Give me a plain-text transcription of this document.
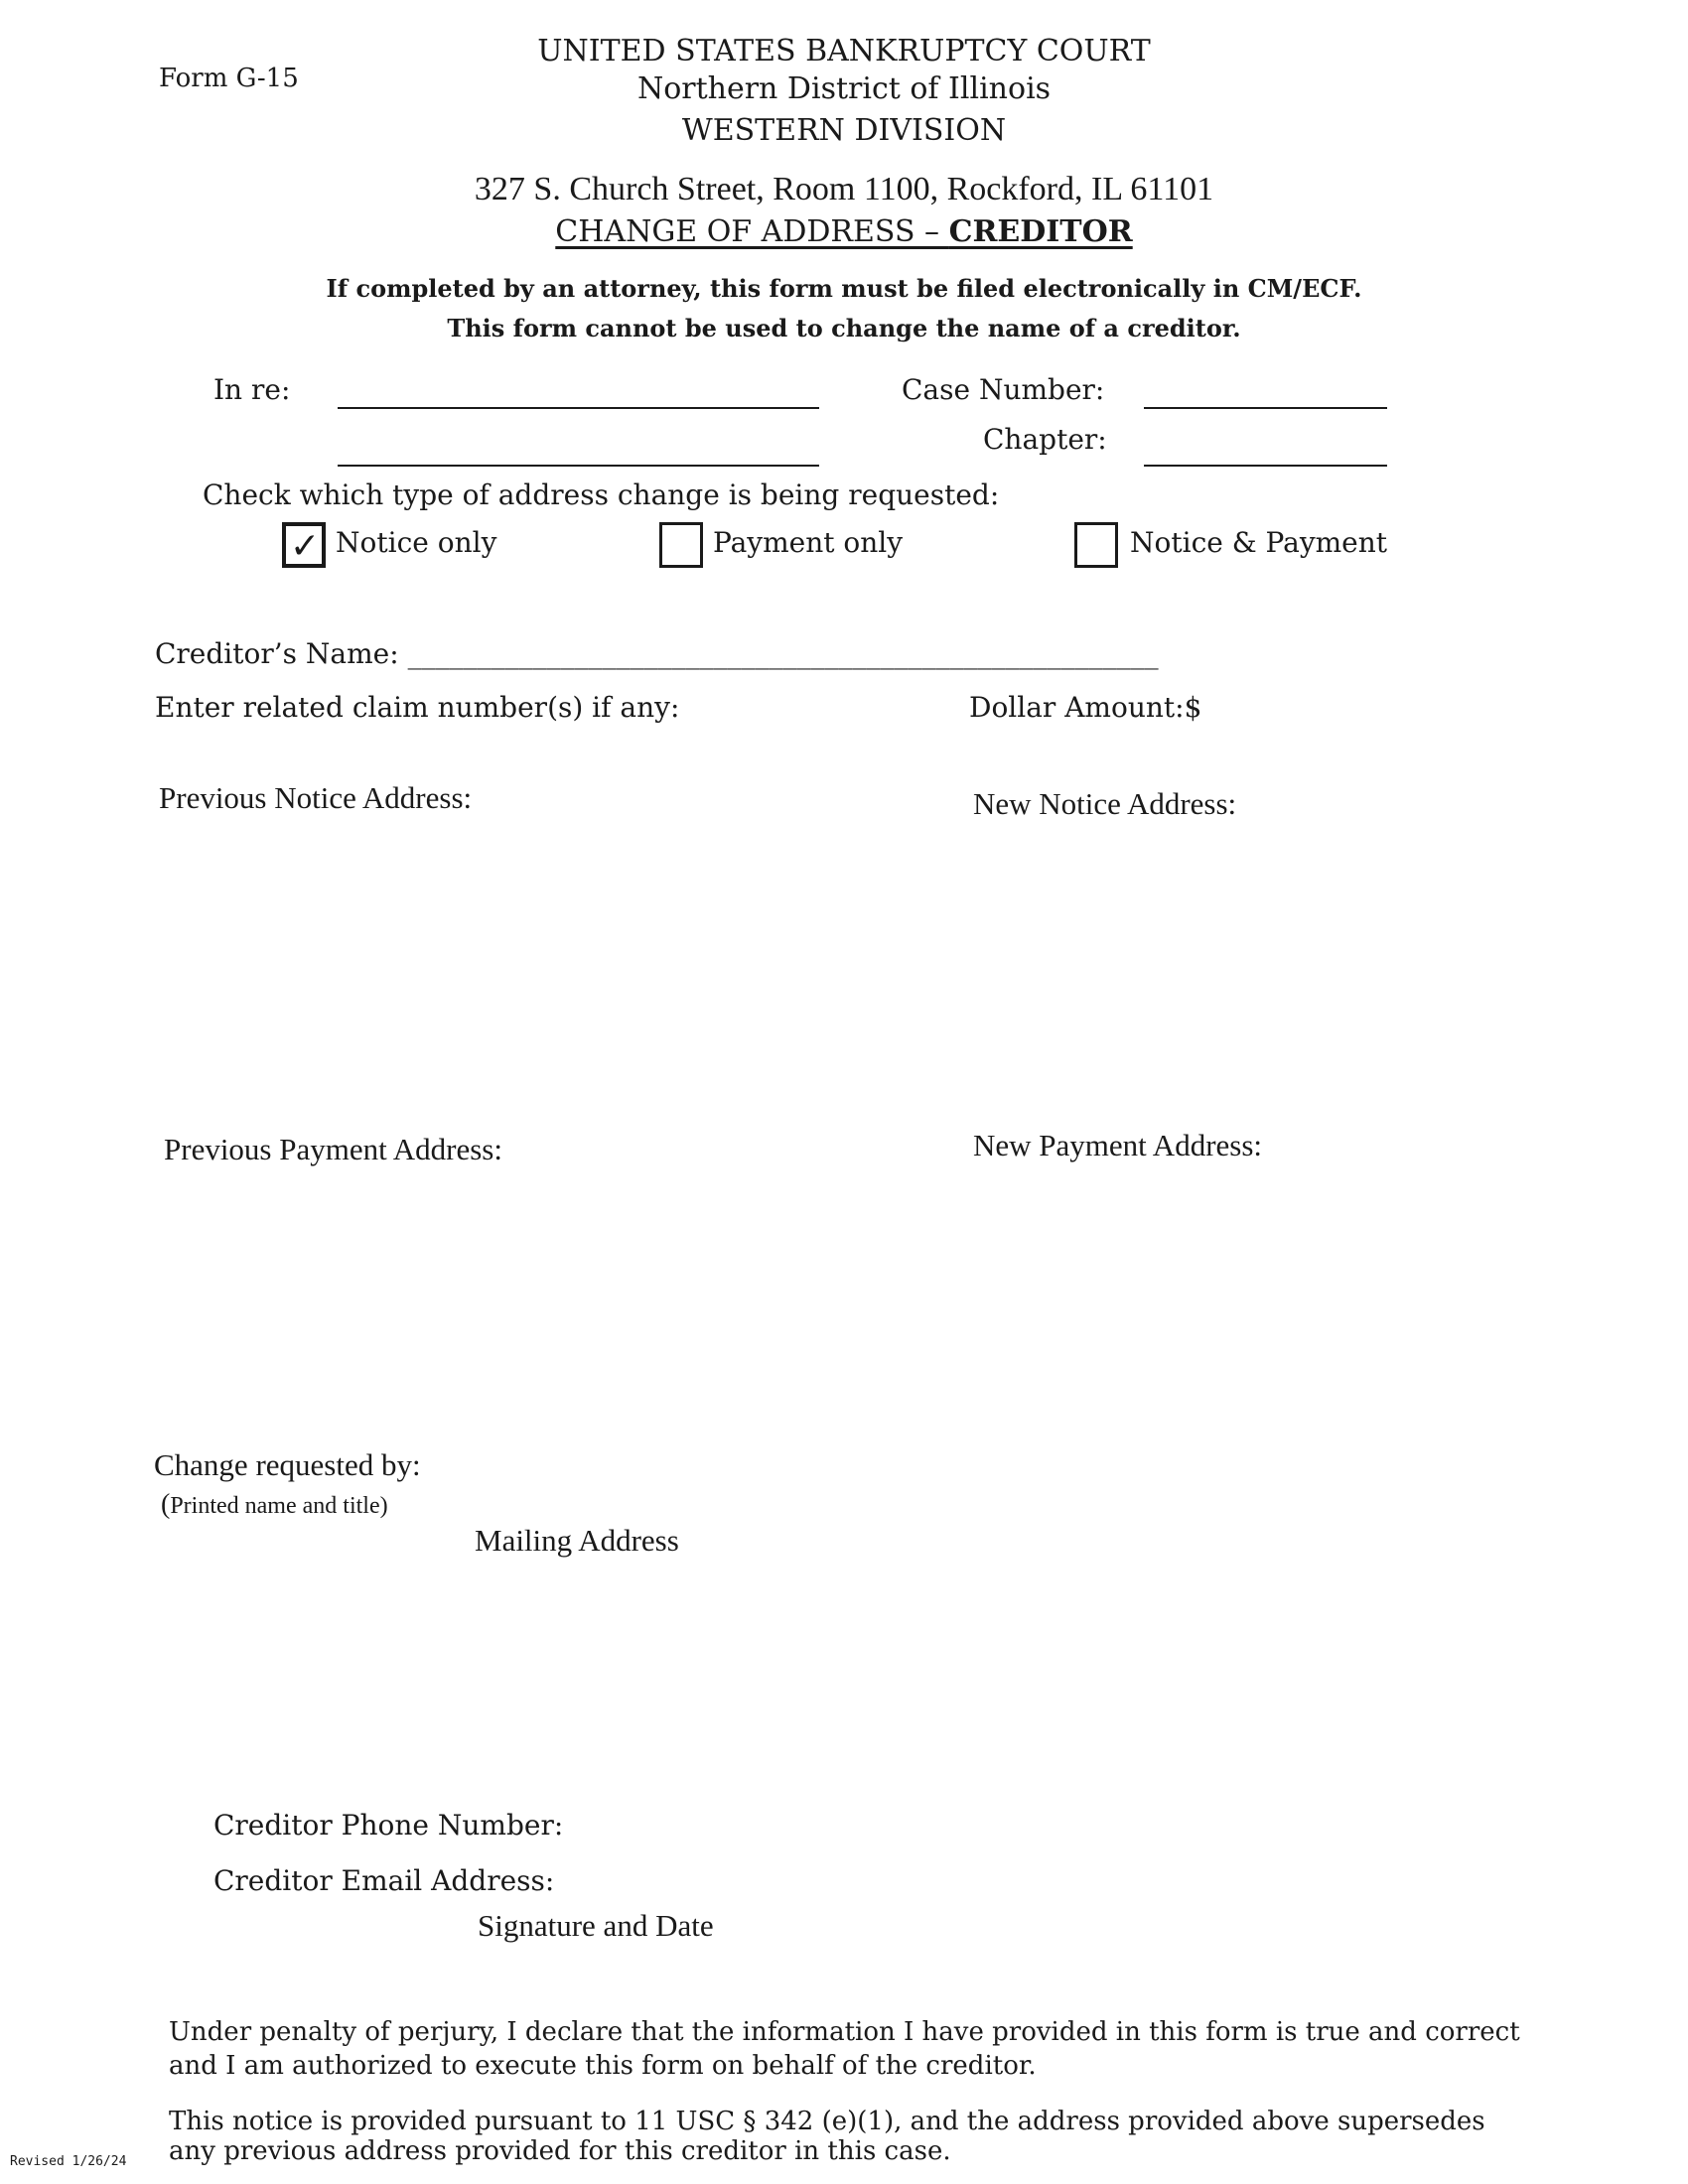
Form G-15
UNITED STATES BANKRUPTCY COURT
Northern District of Illinois
WESTERN DIVISION
327 S. Church Street, Room 1100, Rockford, IL 61101
CHANGE OF ADDRESS – CREDITOR
If completed by an attorney, this form must be filed electronically in CM/ECF.
This form cannot be used to change the name of a creditor.
In re:	Case Number:
Chapter:
Check which type of address change is being requested:
✓ Notice only	Payment only	Notice & Payment
Creditor’s Name: ______________________________________________________
Enter related claim number(s) if any:	Dollar Amount:$
Previous Notice Address:	New Notice Address:
Previous Payment Address:	New Payment Address:
Change requested by:
(Printed name and title)
Mailing Address
Creditor Phone Number:
Creditor Email Address:
Signature and Date
Under penalty of perjury, I declare that the information I have provided in this form is true and correct
and I am authorized to execute this form on behalf of the creditor.
This notice is provided pursuant to 11 USC § 342 (e)(1), and the address provided above supersedes
any previous address provided for this creditor in this case.
Revised 1/26/24
